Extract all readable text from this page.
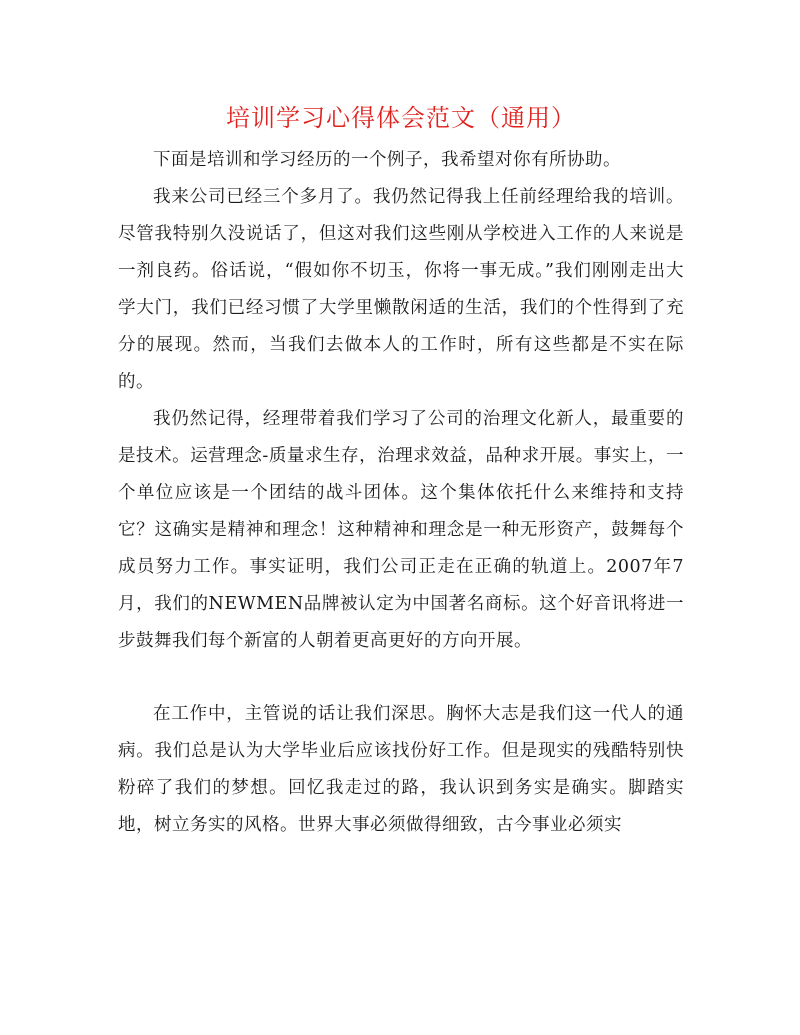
培训学习心得体会范文（通用）

下面是培训和学习经历的一个例子，我希望对你有所协助。

我来公司已经三个多月了。我仍然记得我上任前经理给我的培训。尽管我特别久没说话了，但这对我们这些刚从学校进入工作的人来说是一剂良药。俗话说，“假如你不切玉，你将一事无成。”我们刚刚走出大学大门，我们已经习惯了大学里懒散闲适的生活，我们的个性得到了充分的展现。然而，当我们去做本人的工作时，所有这些都是不实在际的。

我仍然记得，经理带着我们学习了公司的治理文化新人，最重要的是技术。运营理念-质量求生存，治理求效益，品种求开展。事实上，一个单位应该是一个团结的战斗团体。这个集体依托什么来维持和支持它？这确实是精神和理念！这种精神和理念是一种无形资产，鼓舞每个成员努力工作。事实证明，我们公司正走在正确的轨道上。2007年7月，我们的NEWMEN品牌被认定为中国著名商标。这个好音讯将进一步鼓舞我们每个新富的人朝着更高更好的方向开展。

在工作中，主管说的话让我们深思。胸怀大志是我们这一代人的通病。我们总是认为大学毕业后应该找份好工作。但是现实的残酷特别快粉碎了我们的梦想。回忆我走过的路，我认识到务实是确实。脚踏实地，树立务实的风格。世界大事必须做得细致，古今事业必须实
